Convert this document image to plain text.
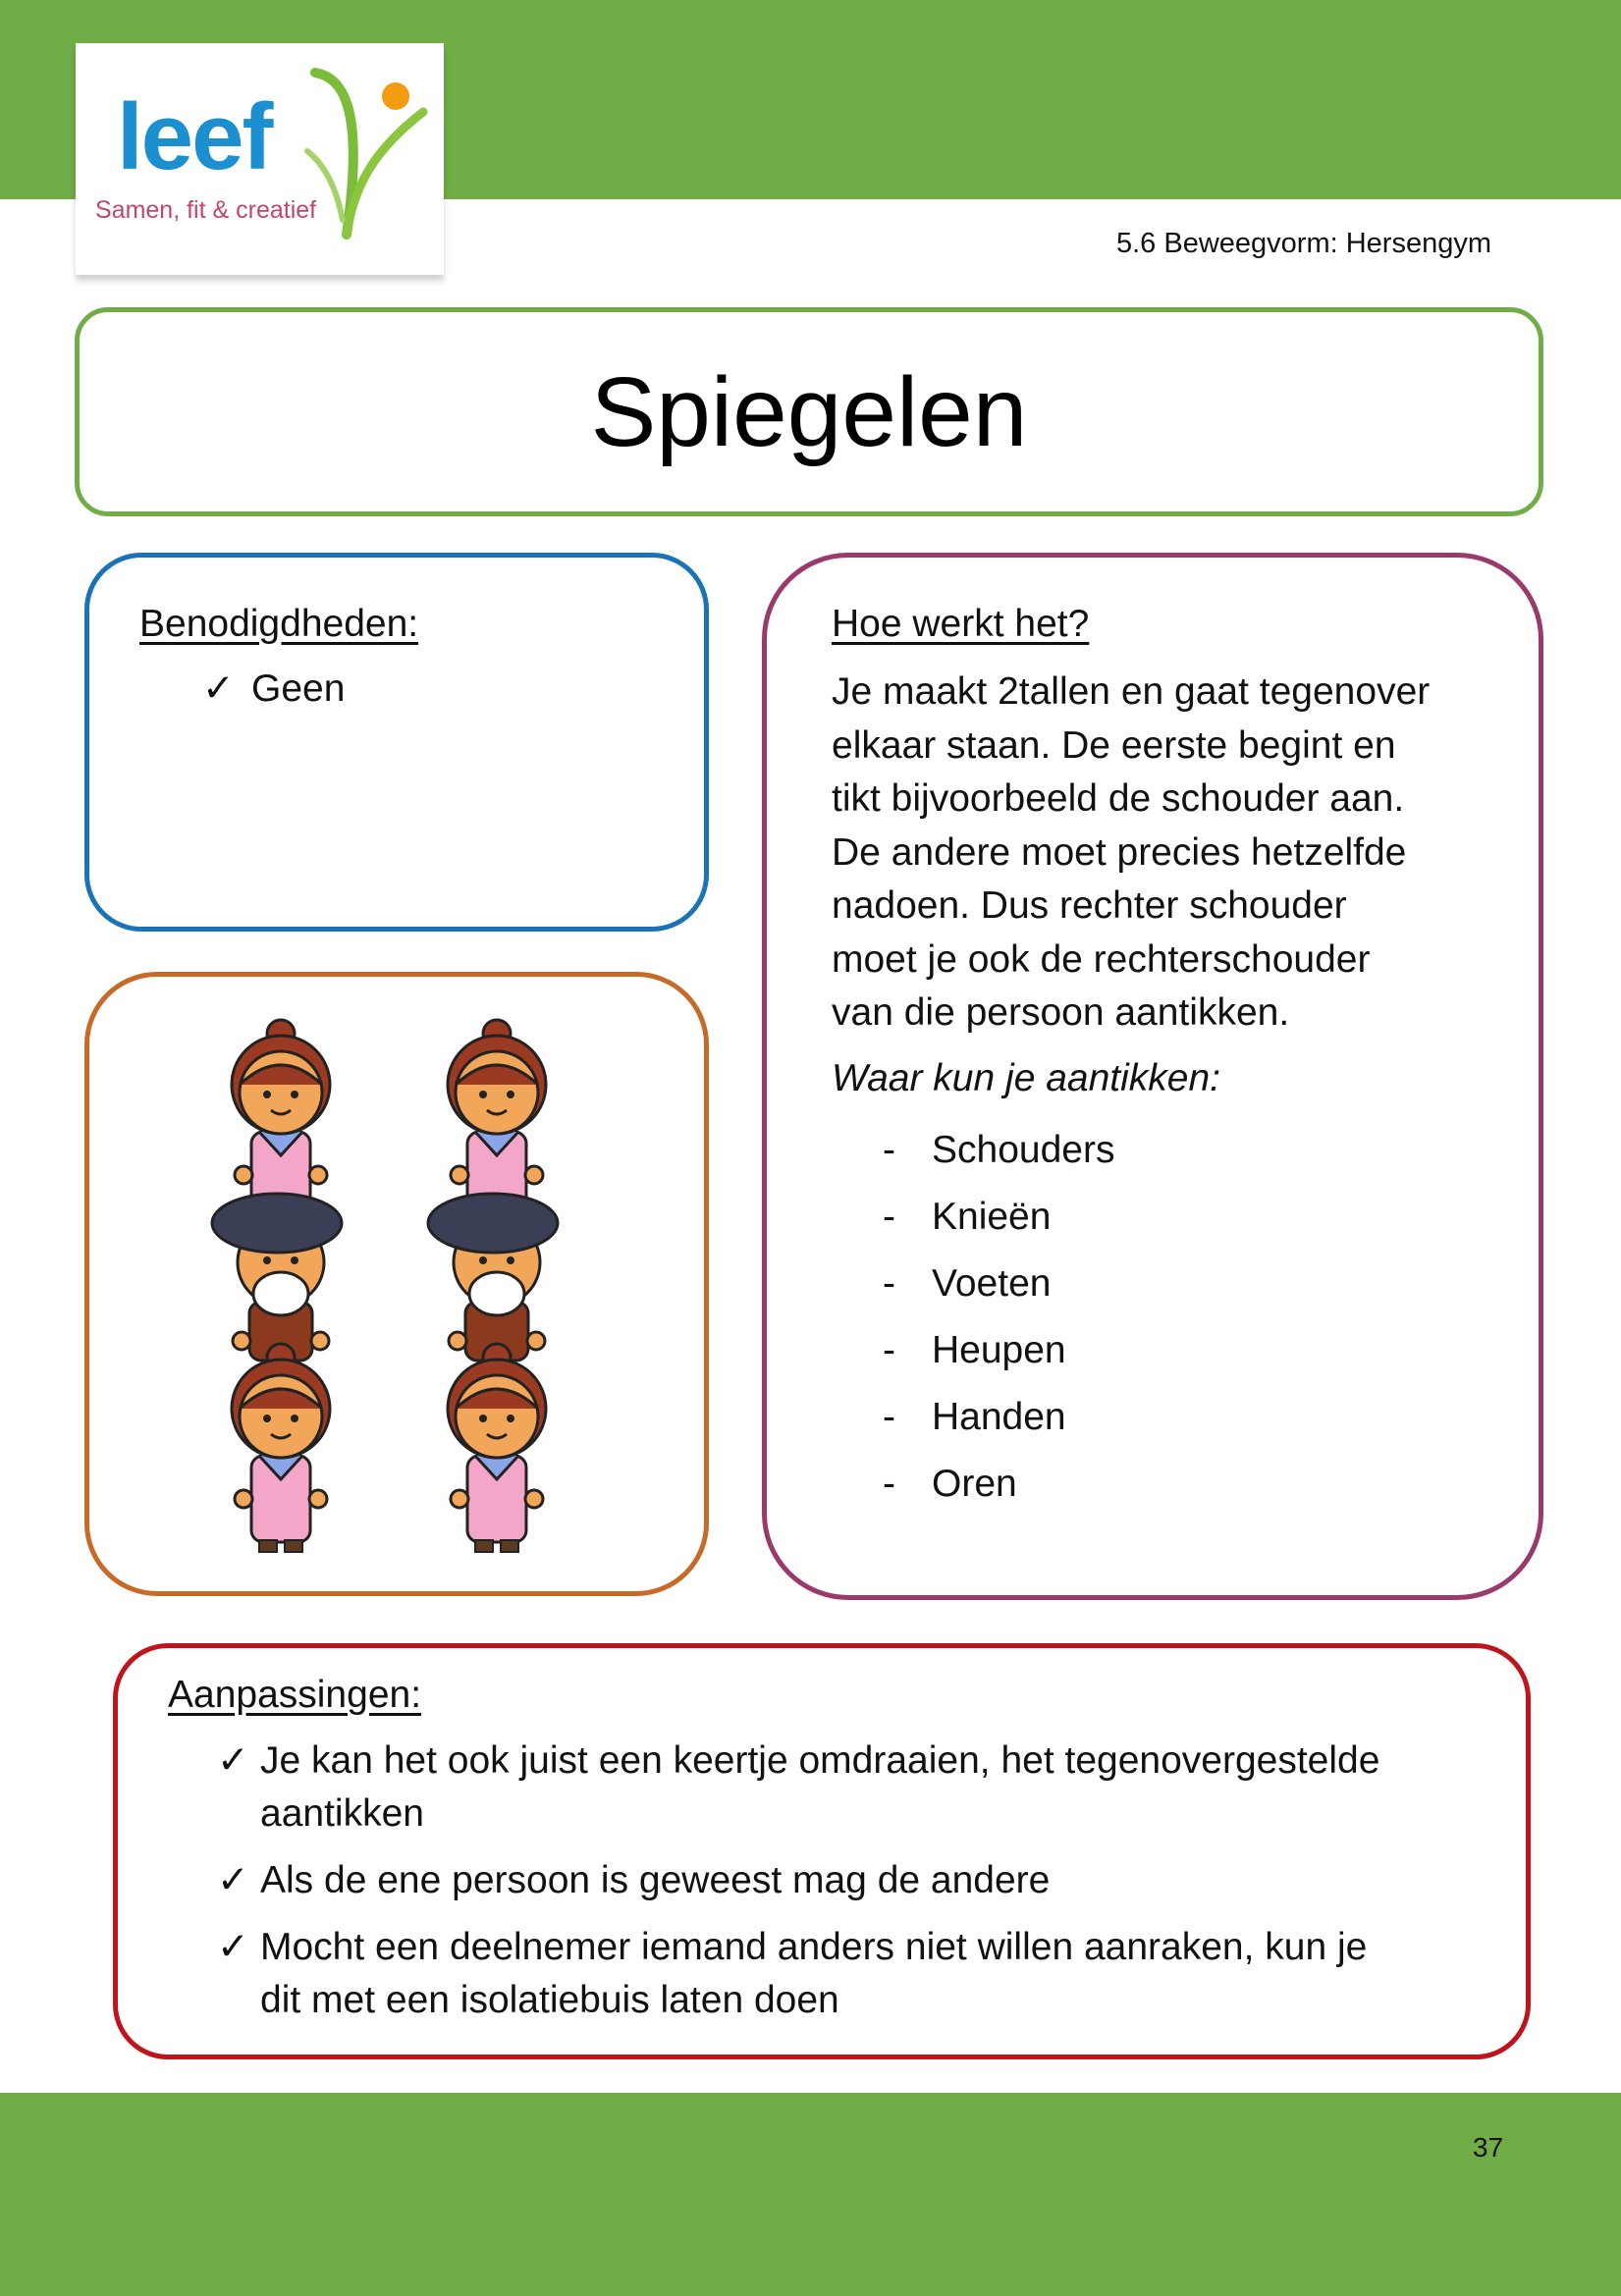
leef
Samen, fit & creatief
5.6 Beweegvorm: Hersengym
Spiegelen
Benodigdheden:
✓ Geen
Hoe werkt het?
Je maakt 2tallen en gaat tegenover
elkaar staan. De eerste begint en
tikt bijvoorbeeld de schouder aan.
De andere moet precies hetzelfde
nadoen. Dus rechter schouder
moet je ook de rechterschouder
van die persoon aantikken.
Waar kun je aantikken:
- Schouders
- Knieën
- Voeten
- Heupen
- Handen
- Oren
Aanpassingen:
✓ Je kan het ook juist een keertje omdraaien, het tegenovergestelde
aantikken
✓ Als de ene persoon is geweest mag de andere
✓ Mocht een deelnemer iemand anders niet willen aanraken, kun je
dit met een isolatiebuis laten doen
37
